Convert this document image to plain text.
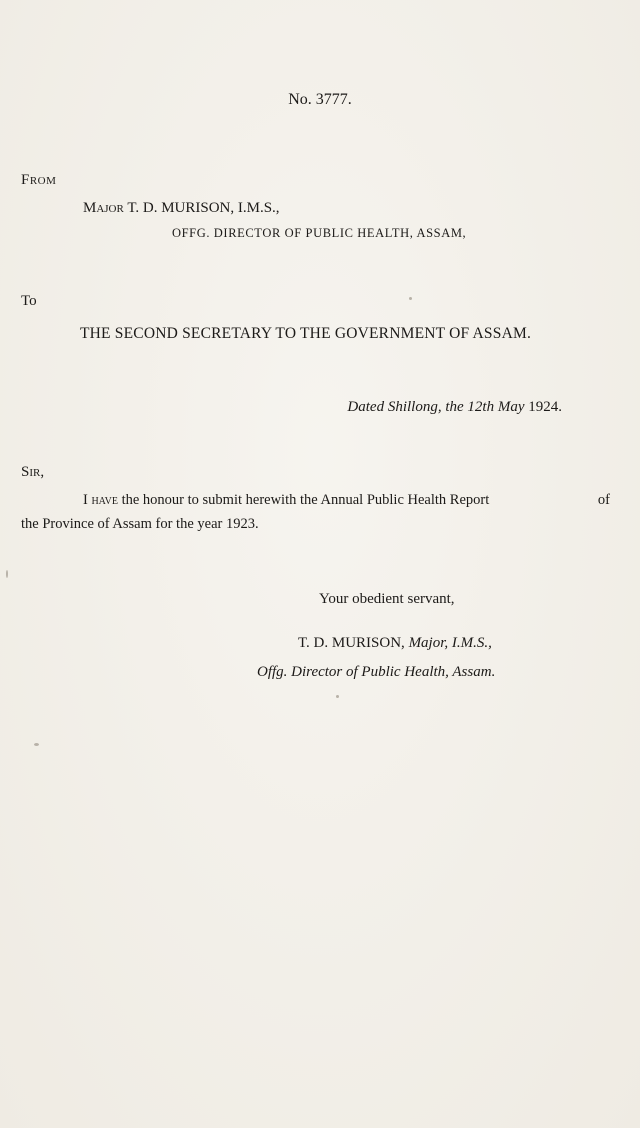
No. 3777.
From
Major T. D. MURISON, I.M.S.,
OFFG. DIRECTOR OF PUBLIC HEALTH, ASSAM,
To
THE SECOND SECRETARY TO THE GOVERNMENT OF ASSAM.
Dated Shillong, the 12th May 1924.
Sir,
I have the honour to submit herewith the Annual Public Health Report	of
the Province of Assam for the year 1923.
Your obedient servant,
T. D. MURISON, Major, I.M.S.,
Offg. Director of Public Health, Assam.
